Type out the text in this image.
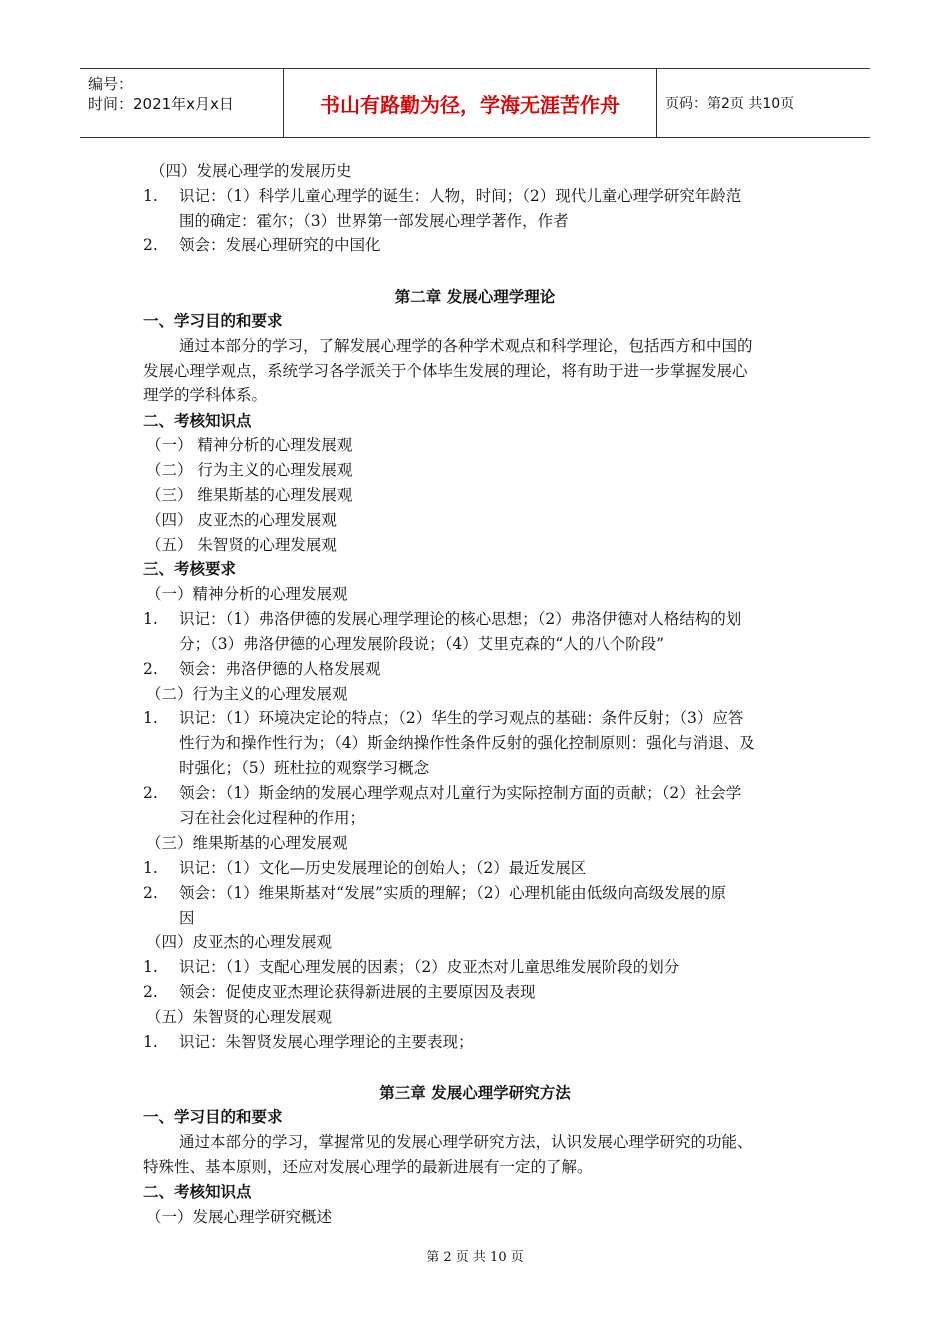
编号：
时间：2021年x月x日	书山有路勤为径，学海无涯苦作舟	页码：第2页 共10页
（四）发展心理学的发展历史
1. 识记：（1）科学儿童心理学的诞生：人物，时间；（2）现代儿童心理学研究年龄范
围的确定：霍尔；（3）世界第一部发展心理学著作，作者
2. 领会：发展心理研究的中国化
第二章 发展心理学理论
一、学习目的和要求
通过本部分的学习，了解发展心理学的各种学术观点和科学理论，包括西方和中国的
发展心理学观点，系统学习各学派关于个体毕生发展的理论，将有助于进一步掌握发展心
理学的学科体系。
二、考核知识点
（一） 精神分析的心理发展观
（二） 行为主义的心理发展观
（三） 维果斯基的心理发展观
（四） 皮亚杰的心理发展观
（五） 朱智贤的心理发展观
三、考核要求
（一）精神分析的心理发展观
1. 识记：（1）弗洛伊德的发展心理学理论的核心思想；（2）弗洛伊德对人格结构的划
分；（3）弗洛伊德的心理发展阶段说；（4）艾里克森的“人的八个阶段”
2. 领会：弗洛伊德的人格发展观
（二）行为主义的心理发展观
1. 识记：（1）环境决定论的特点；（2）华生的学习观点的基础：条件反射；（3）应答
性行为和操作性行为；（4）斯金纳操作性条件反射的强化控制原则：强化与消退、及
时强化；（5）班杜拉的观察学习概念
2. 领会：（1）斯金纳的发展心理学观点对儿童行为实际控制方面的贡献；（2）社会学
习在社会化过程种的作用；
（三）维果斯基的心理发展观
1. 识记：（1）文化—历史发展理论的创始人；（2）最近发展区
2. 领会：（1）维果斯基对“发展”实质的理解；（2）心理机能由低级向高级发展的原
因
（四）皮亚杰的心理发展观
1. 识记：（1）支配心理发展的因素；（2）皮亚杰对儿童思维发展阶段的划分
2. 领会：促使皮亚杰理论获得新进展的主要原因及表现
（五）朱智贤的心理发展观
1. 识记：朱智贤发展心理学理论的主要表现；
第三章 发展心理学研究方法
一、学习目的和要求
通过本部分的学习，掌握常见的发展心理学研究方法，认识发展心理学研究的功能、
特殊性、基本原则，还应对发展心理学的最新进展有一定的了解。
二、考核知识点
（一）发展心理学研究概述
第 2 页 共 10 页
